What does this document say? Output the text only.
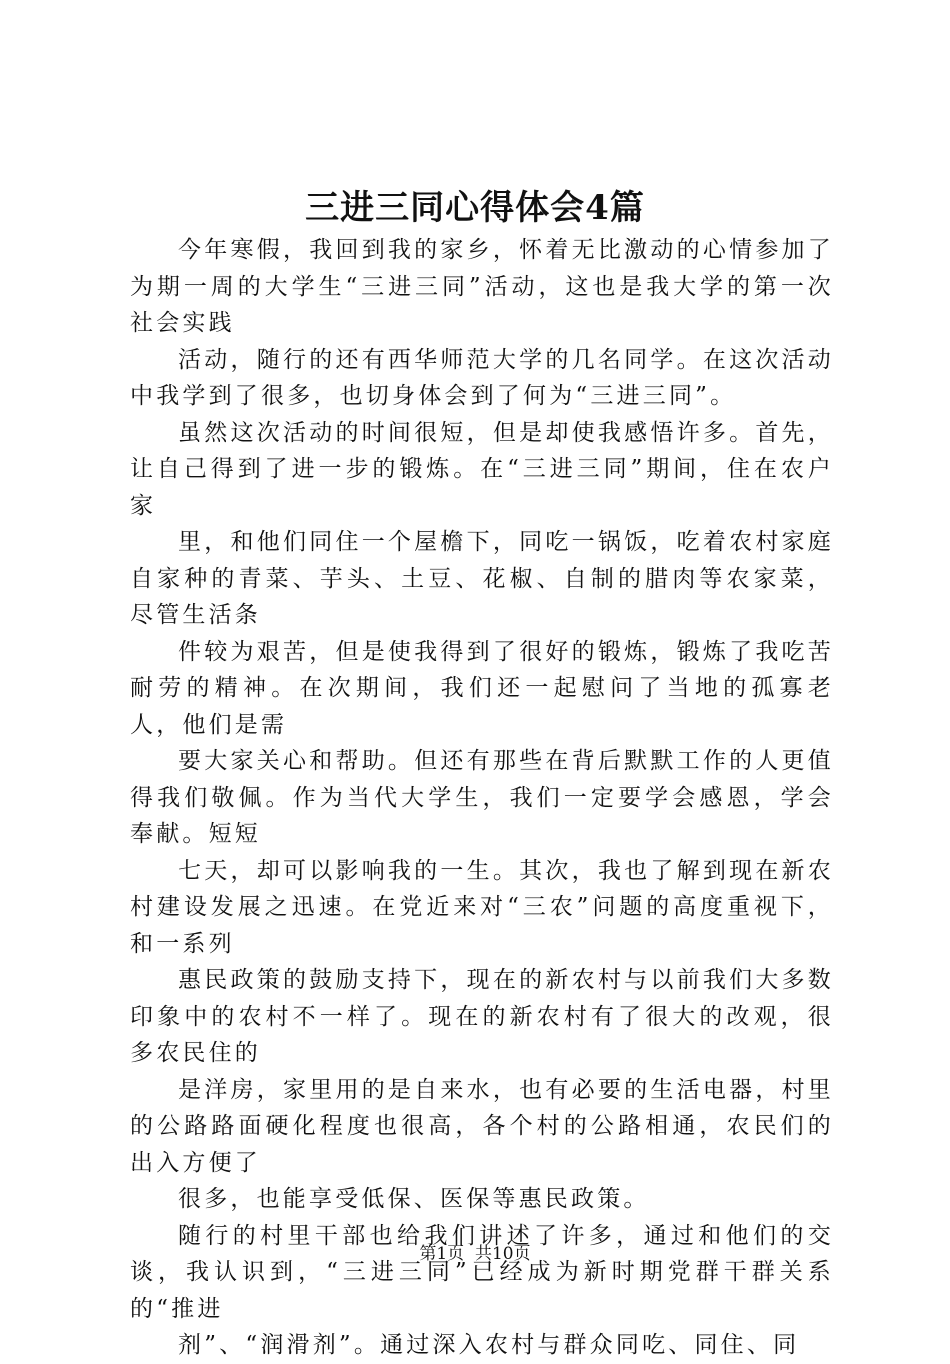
三进三同心得体会4篇

今年寒假，我回到我的家乡，怀着无比激动的心情参加了为期一周的大学生“三进三同”活动，这也是我大学的第一次社会实践

活动，随行的还有西华师范大学的几名同学。在这次活动中我学到了很多，也切身体会到了何为“三进三同”。

虽然这次活动的时间很短，但是却使我感悟许多。首先，让自己得到了进一步的锻炼。在“三进三同”期间，住在农户家

里，和他们同住一个屋檐下，同吃一锅饭，吃着农村家庭自家种的青菜、芋头、土豆、花椒、自制的腊肉等农家菜，尽管生活条

件较为艰苦，但是使我得到了很好的锻炼，锻炼了我吃苦耐劳的精神。在次期间，我们还一起慰问了当地的孤寡老人，他们是需

要大家关心和帮助。但还有那些在背后默默工作的人更值得我们敬佩。作为当代大学生，我们一定要学会感恩，学会奉献。短短

七天，却可以影响我的一生。其次，我也了解到现在新农村建设发展之迅速。在党近来对“三农”问题的高度重视下，和一系列

惠民政策的鼓励支持下，现在的新农村与以前我们大多数印象中的农村不一样了。现在的新农村有了很大的改观，很多农民住的

是洋房，家里用的是自来水，也有必要的生活电器，村里的公路路面硬化程度也很高，各个村的公路相通，农民们的出入方便了

很多，也能享受低保、医保等惠民政策。

随行的村里干部也给我们讲述了许多，通过和他们的交谈，我认识到，“三进三同”已经成为新时期党群干群关系的“推进

剂”、“润滑剂”。通过深入农村与群众同吃、同住、同

第1页  共10页
